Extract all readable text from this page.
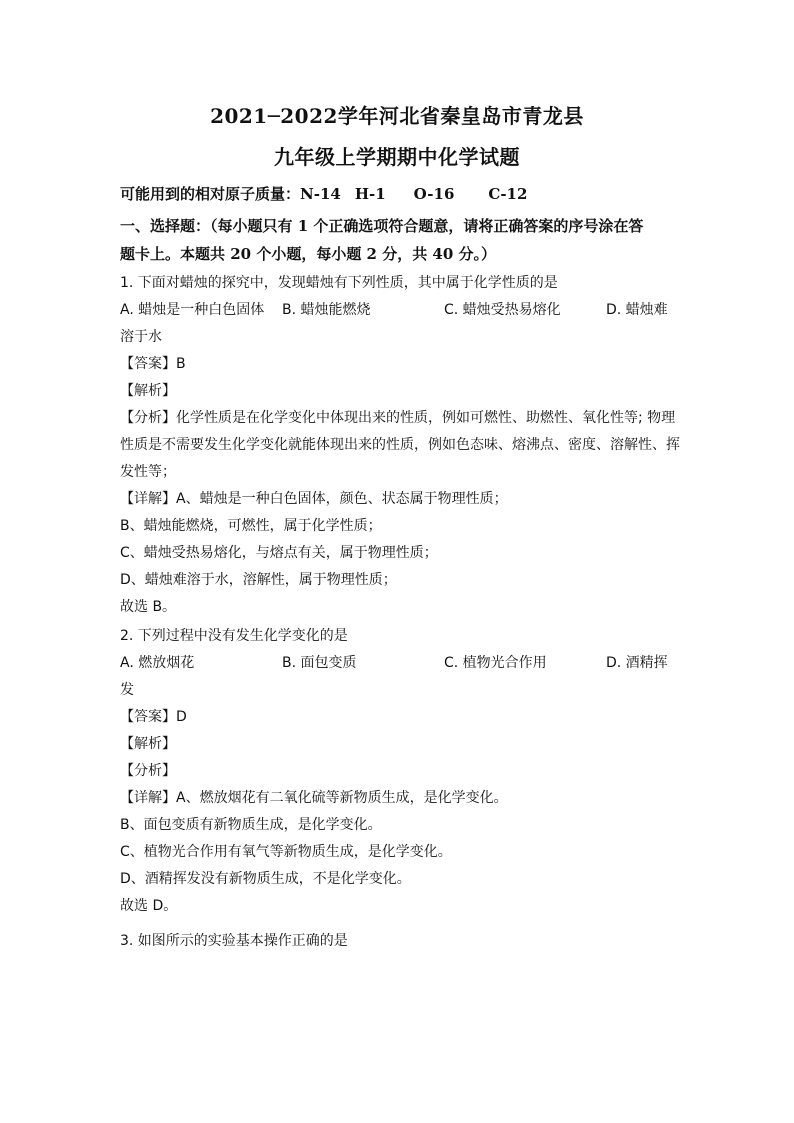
2021─2022学年河北省秦皇岛市青龙县
九年级上学期期中化学试题
可能用到的相对原子质量：N-14 H-1 O-16 C-12
一、选择题：（每小题只有 1 个正确选项符合题意，请将正确答案的序号涂在答
题卡上。本题共 20 个小题，每小题 2 分，共 40 分。）
1. 下面对蜡烛的探究中，发现蜡烛有下列性质，其中属于化学性质的是
A. 蜡烛是一种白色固体 B. 蜡烛能燃烧	C. 蜡烛受热易熔化	D. 蜡烛难
溶于水
【答案】B
【解析】
【分析】化学性质是在化学变化中体现出来的性质，例如可燃性、助燃性、氧化性等; 物理
性质是不需要发生化学变化就能体现出来的性质，例如色态味、熔沸点、密度、溶解性、挥
发性等；
【详解】A、蜡烛是一种白色固体，颜色、状态属于物理性质；
B、蜡烛能燃烧，可燃性，属于化学性质；
C、蜡烛受热易熔化，与熔点有关，属于物理性质；
D、蜡烛难溶于水，溶解性，属于物理性质；
故选 B。
2. 下列过程中没有发生化学变化的是
A. 燃放烟花	B. 面包变质	C. 植物光合作用	D. 酒精挥
发
【答案】D
【解析】
【分析】
【详解】A、燃放烟花有二氧化硫等新物质生成，是化学变化。
B、面包变质有新物质生成，是化学变化。
C、植物光合作用有氧气等新物质生成，是化学变化。
D、酒精挥发没有新物质生成，不是化学变化。
故选 D。
3. 如图所示的实验基本操作正确的是
